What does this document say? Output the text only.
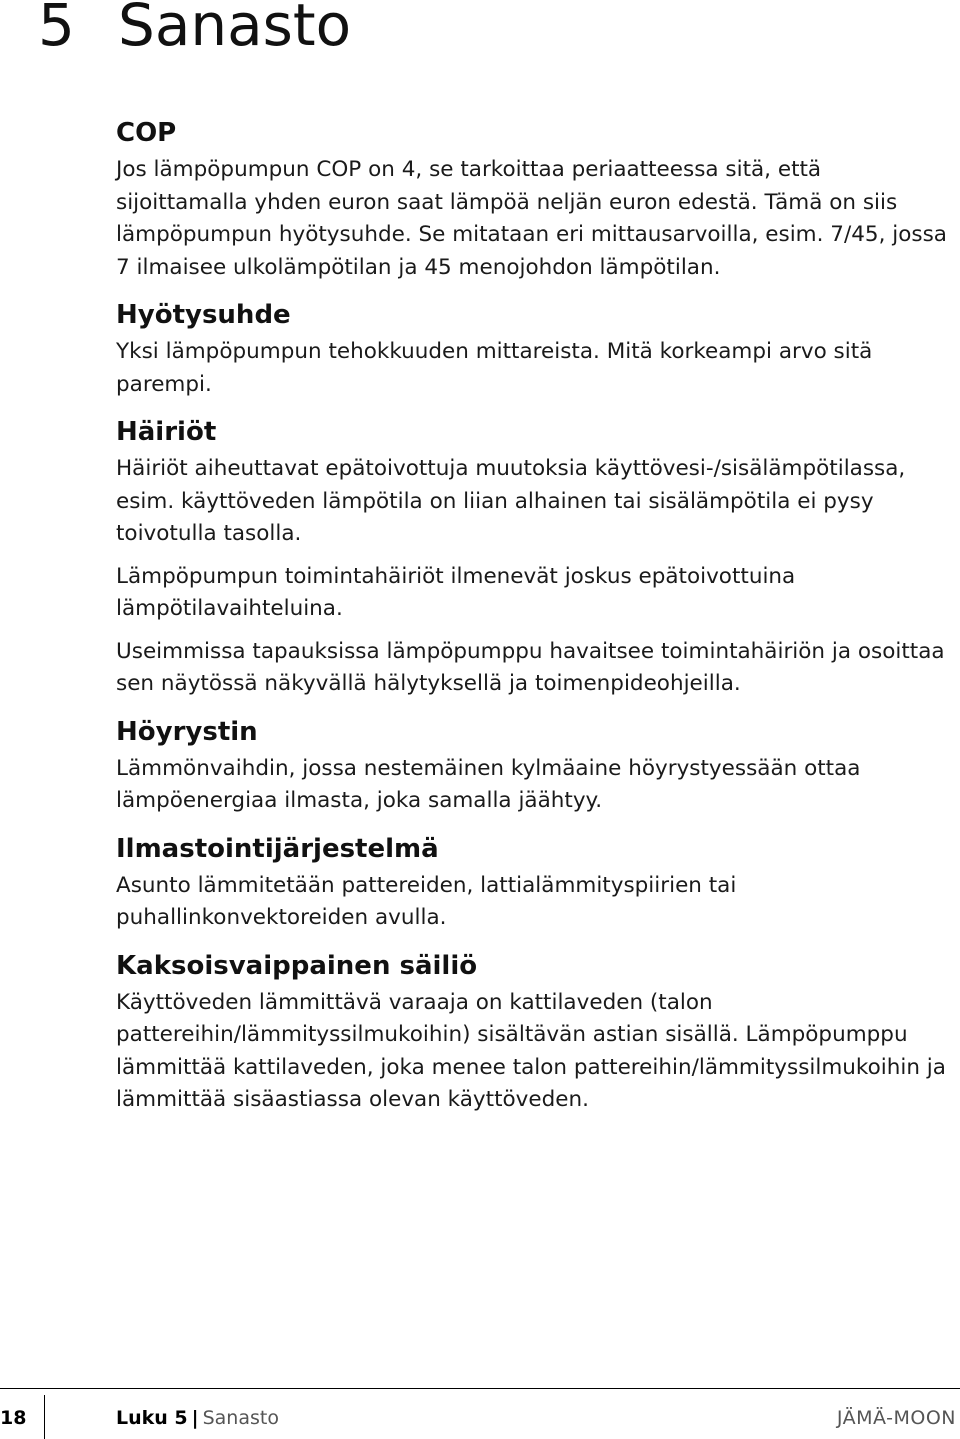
5 Sanasto
COP

Jos lämpöpumpun COP on 4, se tarkoittaa periaatteessa sitä, että sijoittamalla yhden euron saat lämpöä neljän euron edestä. Tämä on siis lämpöpumpun hyötysuhde. Se mitataan eri mittausarvoilla, esim. 7/45, jossa 7 ilmaisee ulkolämpötilan ja 45 menojohdon lämpötilan.

Hyötysuhde

Yksi lämpöpumpun tehokkuuden mittareista. Mitä korkeampi arvo sitä parempi.

Häiriöt

Häiriöt aiheuttavat epätoivottuja muutoksia käyttövesi-/sisälämpötilassa, esim. käyttöveden lämpötila on liian alhainen tai sisälämpötila ei pysy toivotulla tasolla.

Lämpöpumpun toimintahäiriöt ilmenevät joskus epätoivottuina lämpötilavaihteluina.

Useimmissa tapauksissa lämpöpumppu havaitsee toimintahäiriön ja osoittaa sen näytössä näkyvällä hälytyksellä ja toimenpideohjeilla.

Höyrystin

Lämmönvaihdin, jossa nestemäinen kylmäaine höyrystyessään ottaa lämpöenergiaa ilmasta, joka samalla jäähtyy.

Ilmastointijärjestelmä

Asunto lämmitetään pattereiden, lattialämmityspiirien tai puhallinkonvektoreiden avulla.

Kaksoisvaippainen säiliö

Käyttöveden lämmittävä varaaja on kattilaveden (talon pattereihin/lämmityssilmukoihin) sisältävän astian sisällä. Lämpöpumppu lämmittää kattilaveden, joka menee talon pattereihin/lämmityssilmukoihin ja lämmittää sisäastiassa olevan käyttöveden.

18	Luku 5 | Sanasto	JÄMÄ-MOON
